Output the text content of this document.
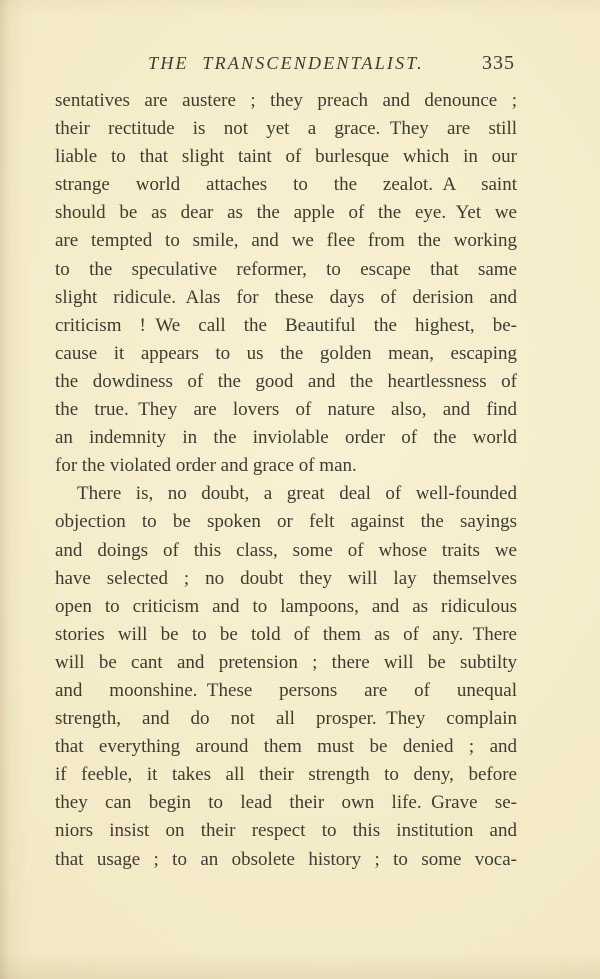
THE TRANSCENDENTALIST.	335
sentatives are austere ; they preach and denounce ;
their rectitude is not yet a grace. They are still
liable to that slight taint of burlesque which in our
strange world attaches to the zealot. A saint
should be as dear as the apple of the eye. Yet we
are tempted to smile, and we flee from the working
to the speculative reformer, to escape that same
slight ridicule. Alas for these days of derision and
criticism ! We call the Beautiful the highest, be-
cause it appears to us the golden mean, escaping
the dowdiness of the good and the heartlessness of
the true. They are lovers of nature also, and find
an indemnity in the inviolable order of the world
for the violated order and grace of man.
There is, no doubt, a great deal of well-founded
objection to be spoken or felt against the sayings
and doings of this class, some of whose traits we
have selected ; no doubt they will lay themselves
open to criticism and to lampoons, and as ridiculous
stories will be to be told of them as of any. There
will be cant and pretension ; there will be subtilty
and moonshine. These persons are of unequal
strength, and do not all prosper. They complain
that everything around them must be denied ; and
if feeble, it takes all their strength to deny, before
they can begin to lead their own life. Grave se-
niors insist on their respect to this institution and
that usage ; to an obsolete history ; to some voca-
